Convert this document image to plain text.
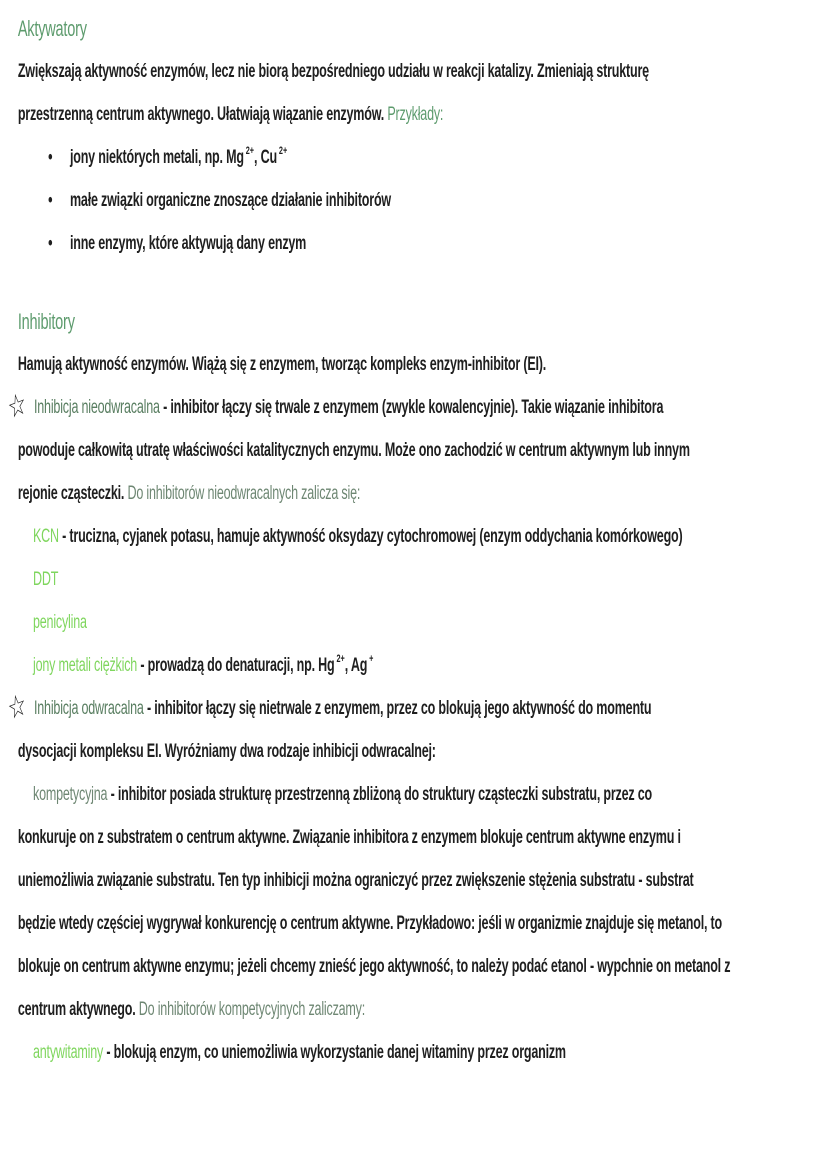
Aktywatory
Zwiększają aktywność enzymów, lecz nie biorą bezpośredniego udziału w reakcji katalizy. Zmieniają strukturę
przestrzenną centrum aktywnego. Ułatwiają wiązanie enzymów. Przykłady:
• jony niektórych metali, np. Mg $^{2+}$, Cu $^{2+}$
• małe związki organiczne znoszące działanie inhibitorów
• inne enzymy, które aktywują dany enzym
Inhibitory
Hamują aktywność enzymów. Wiążą się z enzymem, tworząc kompleks enzym-inhibitor (EI).
☆ Inhibicja nieodwracalna - inhibitor łączy się trwale z enzymem (zwykle kowalencyjnie). Takie wiązanie inhibitora
powoduje całkowitą utratę właściwości katalitycznych enzymu. Może ono zachodzić w centrum aktywnym lub innym
rejonie cząsteczki. Do inhibitorów nieodwracalnych zalicza się:
KCN - trucizna, cyjanek potasu, hamuje aktywność oksydazy cytochromowej (enzym oddychania komórkowego)
DDT
penicylina
jony metali ciężkich - prowadzą do denaturacji, np. Hg $^{2+}$, Ag +
☆ Inhibicja odwracalna - inhibitor łączy się nietrwale z enzymem, przez co blokują jego aktywność do momentu
dysocjacji kompleksu EI. Wyróżniamy dwa rodzaje inhibicji odwracalnej:
kompetycyjna - inhibitor posiada strukturę przestrzenną zbliżoną do struktury cząsteczki substratu, przez co
konkuruje on z substratem o centrum aktywne. Związanie inhibitora z enzymem blokuje centrum aktywne enzymu i
uniemożliwia związanie substratu. Ten typ inhibicji można ograniczyć przez zwiększenie stężenia substratu - substrat
będzie wtedy częściej wygrywał konkurencję o centrum aktywne. Przykładowo: jeśli w organizmie znajduje się metanol, to
blokuje on centrum aktywne enzymu; jeżeli chcemy znieść jego aktywność, to należy podać etanol - wypchnie on metanol z
centrum aktywnego. Do inhibitorów kompetycyjnych zaliczamy:
antywitaminy - blokują enzym, co uniemożliwia wykorzystanie danej witaminy przez organizm
